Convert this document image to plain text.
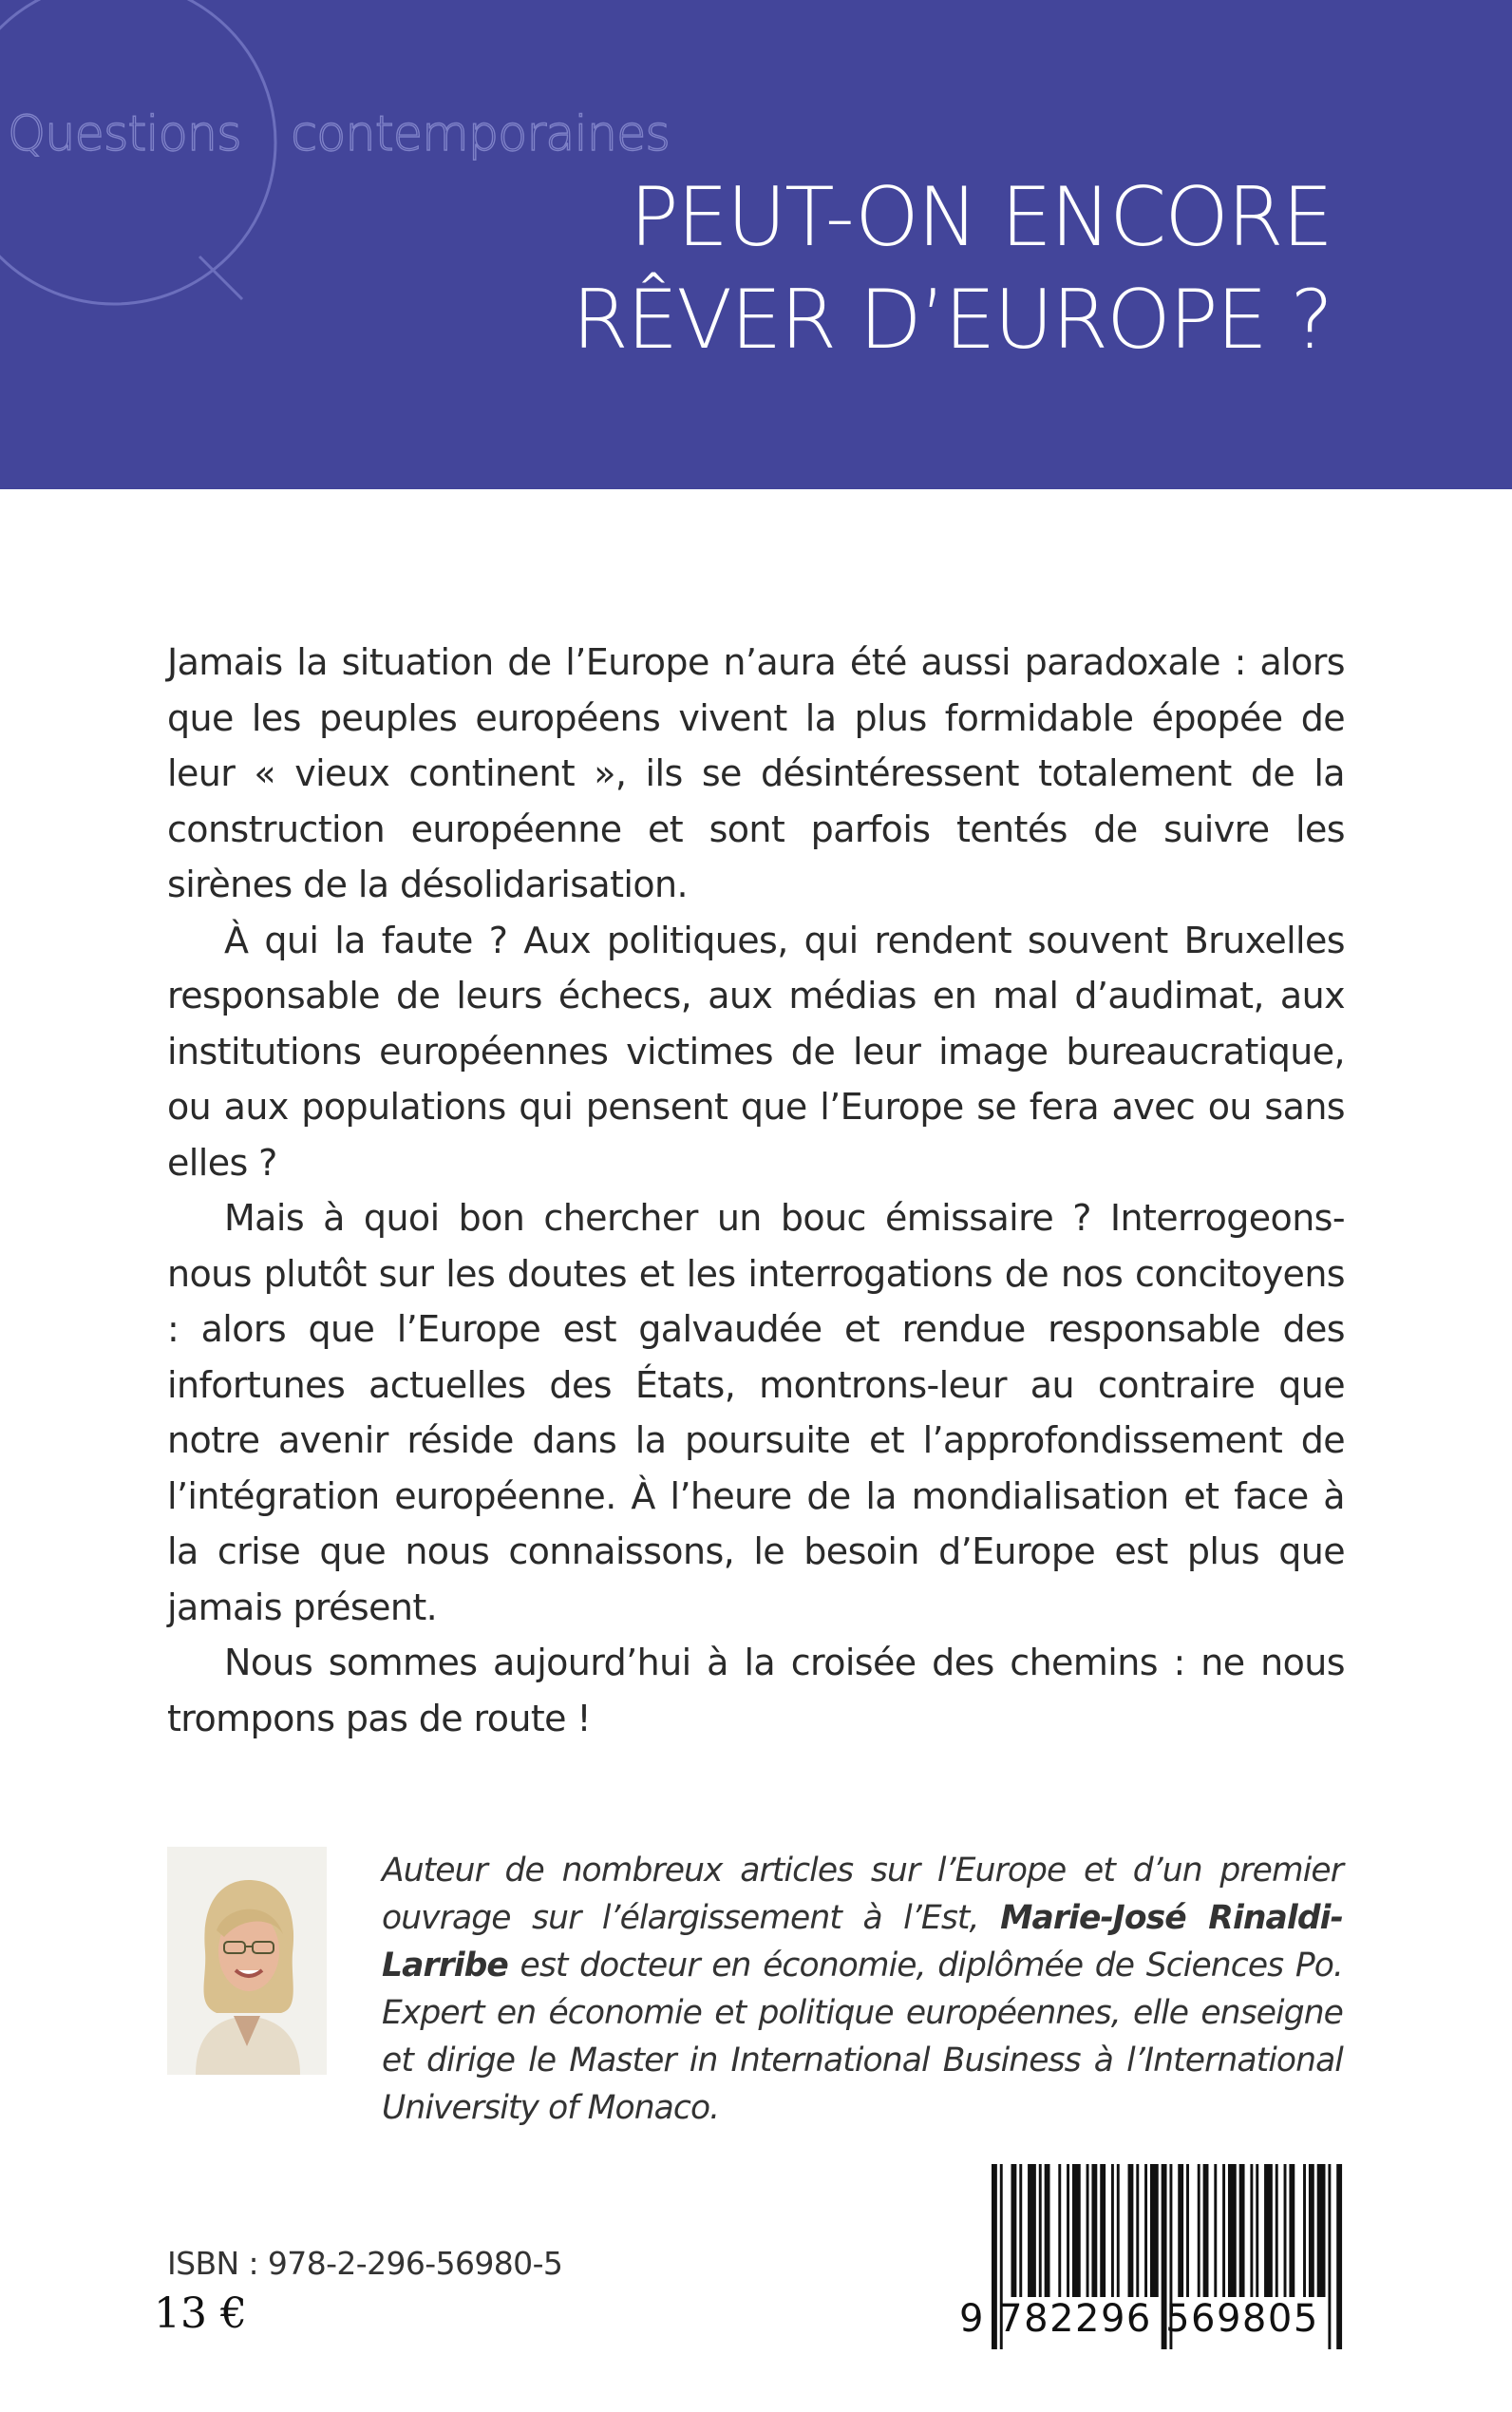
Questions contemporaines
PEUT-ON ENCORE
RÊVER D’EUROPE ?

Jamais la situation de l’Europe n’aura été aussi paradoxale : alors que les peuples européens vivent la plus formidable épopée de leur « vieux continent », ils se désintéressent totalement de la construction européenne et sont parfois tentés de suivre les sirènes de la désolidarisation.

À qui la faute ? Aux politiques, qui rendent souvent Bruxelles responsable de leurs échecs, aux médias en mal d’audimat, aux institutions européennes victimes de leur image bureaucratique, ou aux populations qui pensent que l’Europe se fera avec ou sans elles ?

Mais à quoi bon chercher un bouc émissaire ? Interrogeons-nous plutôt sur les doutes et les interrogations de nos concitoyens : alors que l’Europe est galvaudée et rendue responsable des infortunes actuelles des États, montrons-leur au contraire que notre avenir réside dans la poursuite et l’approfondissement de l’intégration européenne. À l’heure de la mondialisation et face à la crise que nous connaissons, le besoin d’Europe est plus que jamais présent.

Nous sommes aujourd’hui à la croisée des chemins : ne nous trompons pas de route !

Auteur de nombreux articles sur l’Europe et d’un premier ouvrage sur l’élargissement à l’Est, Marie-José Rinaldi-Larribe est docteur en économie, diplômée de Sciences Po. Expert en économie et politique européennes, elle enseigne et dirige le Master in International Business à l’International University of Monaco.
ISBN : 978-2-296-56980-5
13 €	9 782296 569805
